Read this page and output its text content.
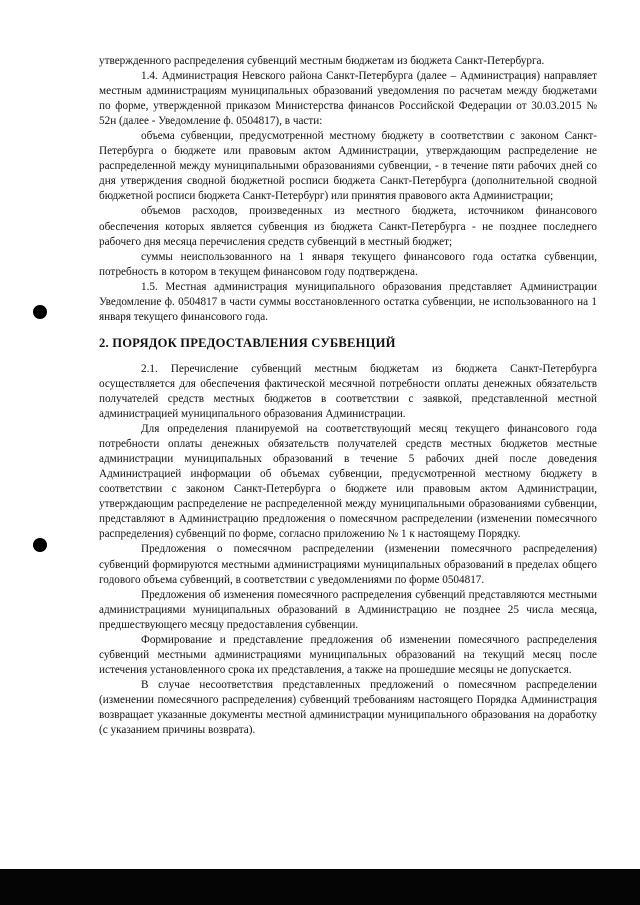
утвержденного распределения субвенций местным бюджетам из бюджета Санкт-Петербурга.

1.4. Администрация Невского района Санкт-Петербурга (далее – Администрация) направляет местным администрациям муниципальных образований уведомления по расчетам между бюджетами по форме, утвержденной приказом Министерства финансов Российской Федерации от 30.03.2015 № 52н (далее - Уведомление ф. 0504817), в части:

объема субвенции, предусмотренной местному бюджету в соответствии с законом Санкт-Петербурга о бюджете или правовым актом Администрации, утверждающим распределение не распределенной между муниципальными образованиями субвенции, - в течение пяти рабочих дней со дня утверждения сводной бюджетной росписи бюджета Санкт-Петербурга (дополнительной сводной бюджетной росписи бюджета Санкт-Петербург) или принятия правового акта Администрации;

объемов расходов, произведенных из местного бюджета, источником финансового обеспечения которых является субвенция из бюджета Санкт-Петербурга - не позднее последнего рабочего дня месяца перечисления средств субвенций в местный бюджет;

суммы неиспользованного на 1 января текущего финансового года остатка субвенции, потребность в котором в текущем финансовом году подтверждена.

1.5. Местная администрация муниципального образования представляет Администрации Уведомление ф. 0504817 в части суммы восстановленного остатка субвенции, не использованного на 1 января текущего финансового года.

2. ПОРЯДОК ПРЕДОСТАВЛЕНИЯ СУБВЕНЦИЙ

2.1. Перечисление субвенций местным бюджетам из бюджета Санкт-Петербурга осуществляется для обеспечения фактической месячной потребности оплаты денежных обязательств получателей средств местных бюджетов в соответствии с заявкой, представленной местной администрацией муниципального образования Администрации.

Для определения планируемой на соответствующий месяц текущего финансового года потребности оплаты денежных обязательств получателей средств местных бюджетов местные администрации муниципальных образований в течение 5 рабочих дней после доведения Администрацией информации об объемах субвенции, предусмотренной местному бюджету в соответствии с законом Санкт-Петербурга о бюджете или правовым актом Администрации, утверждающим распределение не распределенной между муниципальными образованиями субвенции, представляют в Администрацию предложения о помесячном распределении (изменении помесячного распределения) субвенций по форме, согласно приложению № 1 к настоящему Порядку.

Предложения о помесячном распределении (изменении помесячного распределения) субвенций формируются местными администрациями муниципальных образований в пределах общего годового объема субвенций, в соответствии с уведомлениями по форме 0504817.

Предложения об изменения помесячного распределения субвенций представляются местными администрациями муниципальных образований в Администрацию не позднее 25 числа месяца, предшествующего месяцу предоставления субвенции.

Формирование и представление предложения об изменении помесячного распределения субвенций местными администрациями муниципальных образований на текущий месяц после истечения установленного срока их представления, а также на прошедшие месяцы не допускается.

В случае несоответствия представленных предложений о помесячном распределении (изменении помесячного распределения) субвенций требованиям настоящего Порядка Администрация возвращает указанные документы местной администрации муниципального образования на доработку (с указанием причины возврата).
